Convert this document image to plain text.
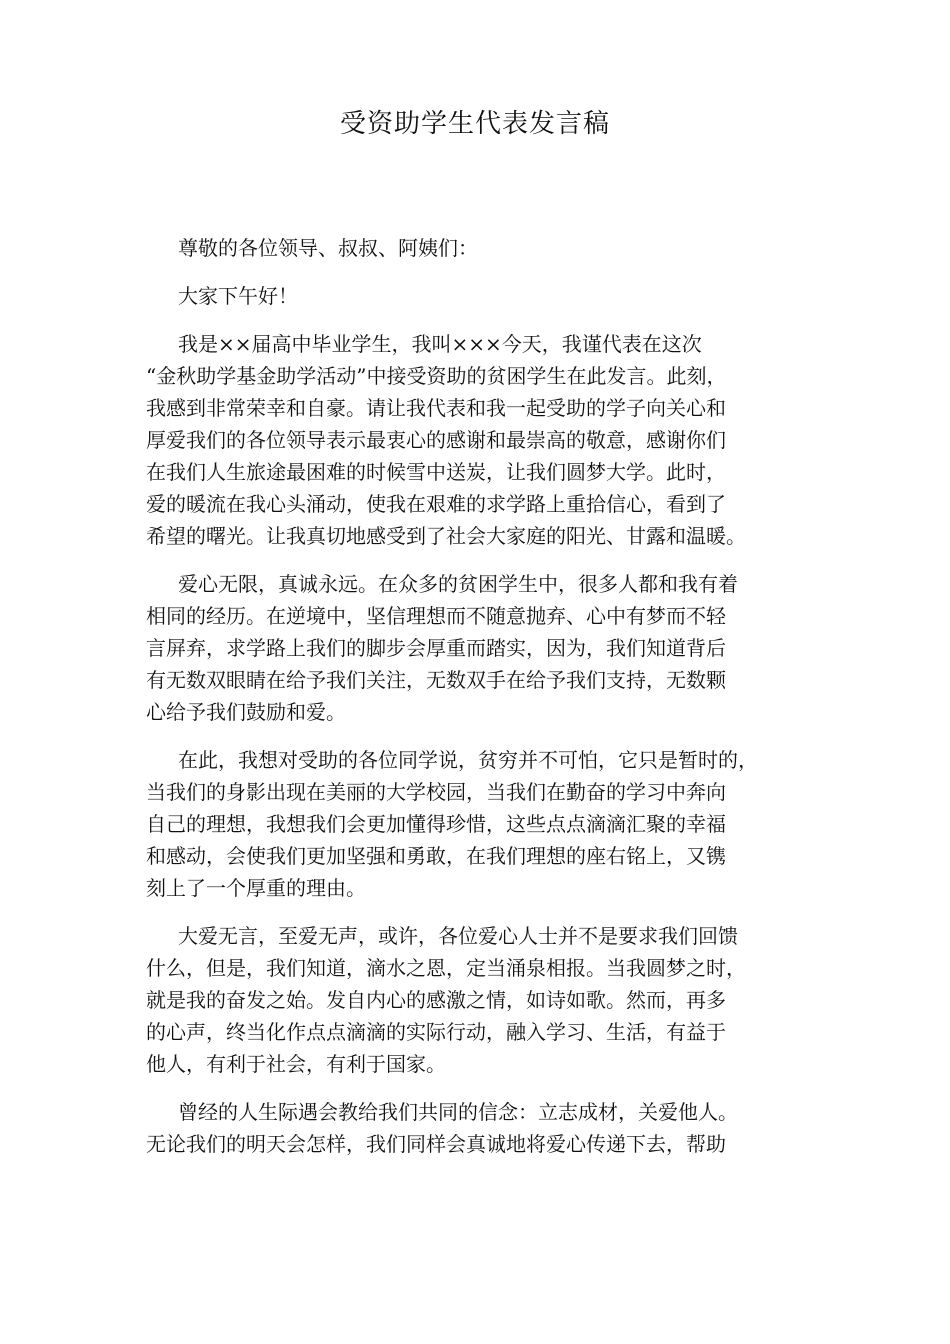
受资助学生代表发言稿
尊敬的各位领导、叔叔、阿姨们：
大家下午好！
我是××届高中毕业学生，我叫×××今天，我谨代表在这次
“金秋助学基金助学活动”中接受资助的贫困学生在此发言。此刻，
我感到非常荣幸和自豪。请让我代表和我一起受助的学子向关心和
厚爱我们的各位领导表示最衷心的感谢和最崇高的敬意，感谢你们
在我们人生旅途最困难的时候雪中送炭，让我们圆梦大学。此时，
爱的暖流在我心头涌动，使我在艰难的求学路上重拾信心，看到了
希望的曙光。让我真切地感受到了社会大家庭的阳光、甘露和温暖。
爱心无限，真诚永远。在众多的贫困学生中，很多人都和我有着
相同的经历。在逆境中，坚信理想而不随意抛弃、心中有梦而不轻
言屏弃，求学路上我们的脚步会厚重而踏实，因为，我们知道背后
有无数双眼睛在给予我们关注，无数双手在给予我们支持，无数颗
心给予我们鼓励和爱。
在此，我想对受助的各位同学说，贫穷并不可怕，它只是暂时的，
当我们的身影出现在美丽的大学校园，当我们在勤奋的学习中奔向
自己的理想，我想我们会更加懂得珍惜，这些点点滴滴汇聚的幸福
和感动，会使我们更加坚强和勇敢，在我们理想的座右铭上，又镌
刻上了一个厚重的理由。
大爱无言，至爱无声，或许，各位爱心人士并不是要求我们回馈
什么，但是，我们知道，滴水之恩，定当涌泉相报。当我圆梦之时，
就是我的奋发之始。发自内心的感激之情，如诗如歌。然而，再多
的心声，终当化作点点滴滴的实际行动，融入学习、生活，有益于
他人，有利于社会，有利于国家。
曾经的人生际遇会教给我们共同的信念：立志成材，关爱他人。
无论我们的明天会怎样，我们同样会真诚地将爱心传递下去，帮助
